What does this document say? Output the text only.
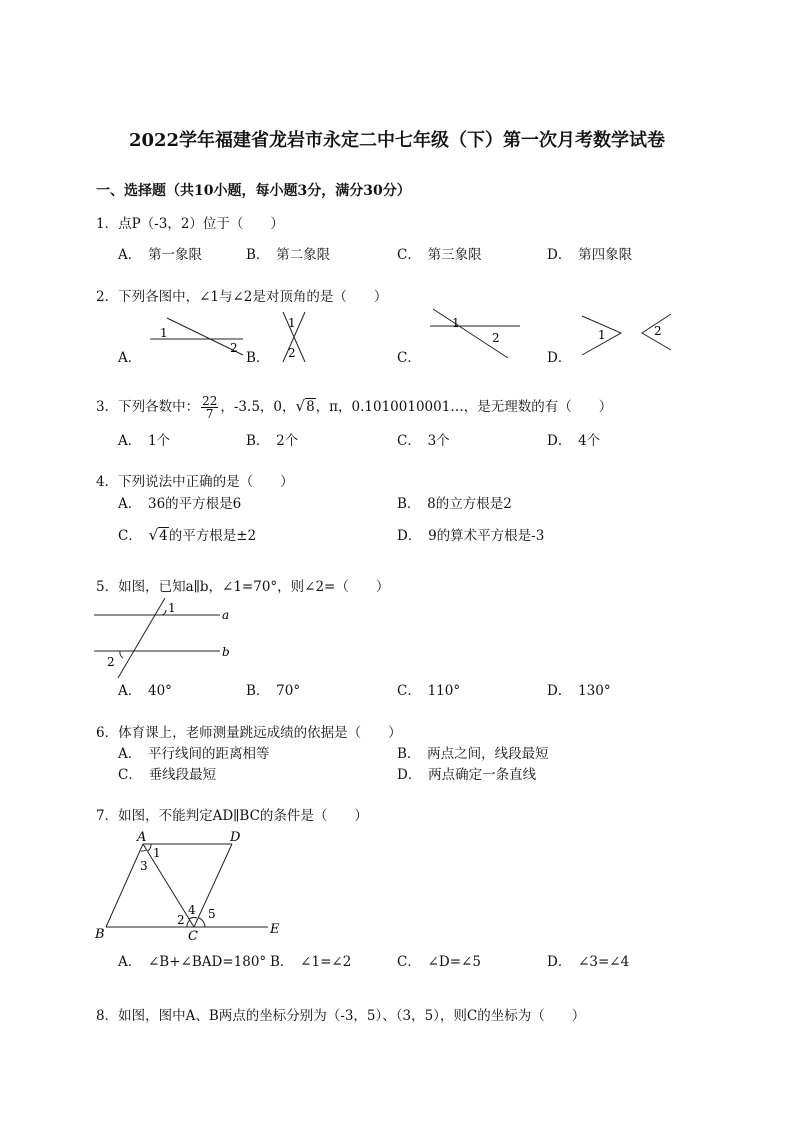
2022学年福建省龙岩市永定二中七年级（下）第一次月考数学试卷
一、选择题（共10小题，每小题3分，满分30分）
1．点P（-3，2）位于（　　）
A．　第一象限	B．　第二象限	C．　第三象限	D．　第四象限
2．下列各图中，∠1与∠2是对顶角的是（　　）
A．	B．	C．	D．
1
2
1
2
1
2	1	2
3．下列各数中： $\frac{22}{7}$ ，-3.5，0，√8，π，0.1010010001…，是无理数的有（　　）
A．　1个	B．　2个	C．　3个	D．　4个
4．下列说法中正确的是（　　）
A．　36的平方根是6	B．　8的立方根是2
C．　 √4的平方根是±2	D．　9的算术平方根是-3
5．如图，已知a∥b，∠1=70°，则∠2=（　　）
1
2
a
b
A．　40°	B．　70°	C．　110°	D．　130°
6．体育课上，老师测量跳远成绩的依据是（　　）
A．　平行线间的距离相等	B．　两点之间，线段最短
C．　垂线段最短	D．　两点确定一条直线
7．如图，不能判定AD∥BC的条件是（　　）
A	D
B	C	E
1
3
4
2 5
A．　∠B+∠BAD=180° B．　∠1=∠2	C．　∠D=∠5	D．　∠3=∠4
8．如图，图中A、B两点的坐标分别为（-3，5）、（3，5），则C的坐标为（　　）
